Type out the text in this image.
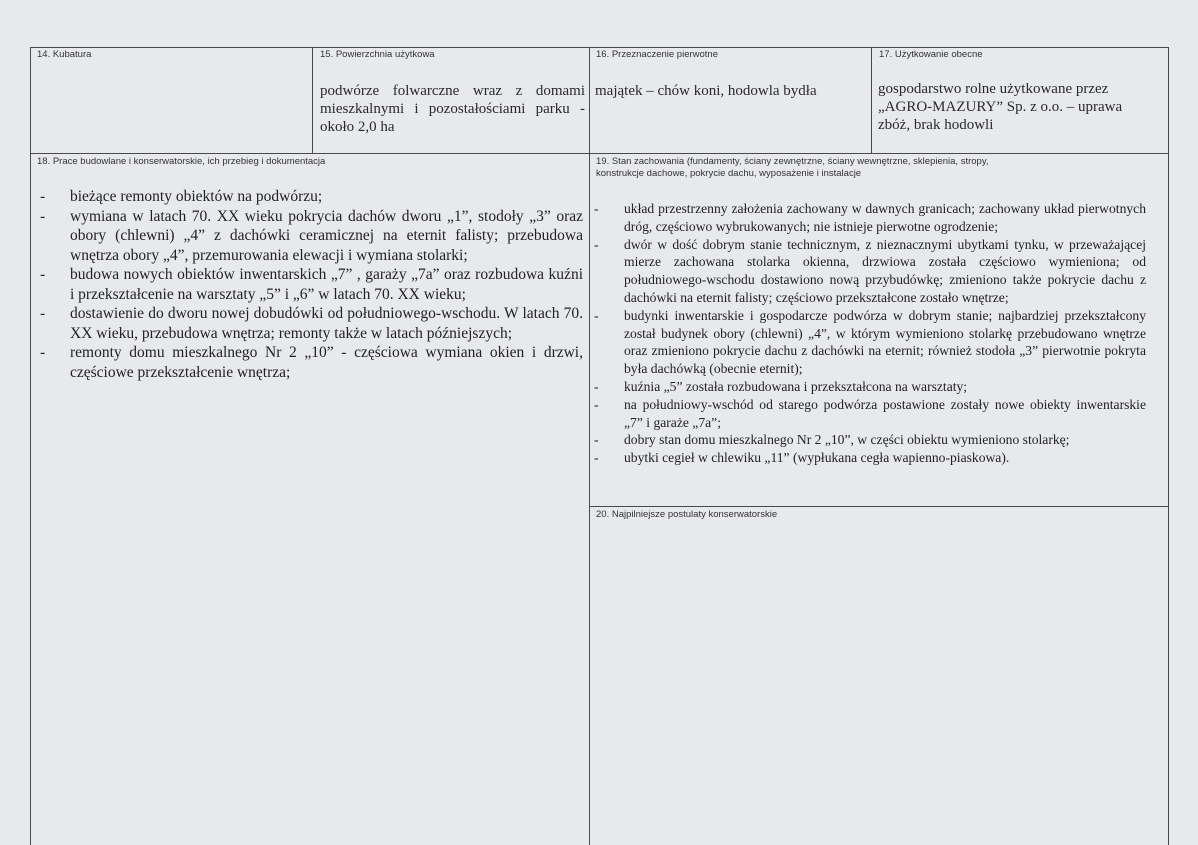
14. Kubatura	15. Powierzchnia użytkowa
podwórze folwarczne wraz z domami mieszkalnymi i pozostałościami parku - około 2,0 ha
16. Przeznaczenie pierwotne
majątek – chów koni, hodowla bydła
17. Użytkowanie obecne
gospodarstwo rolne użytkowane przez „AGRO-MAZURY” Sp. z o.o. – uprawa zbóż, brak hodowli
18. Prace budowlane i konserwatorskie, ich przebieg i dokumentacja
- bieżące remonty obiektów na podwórzu;
- wymiana w latach 70. XX wieku pokrycia dachów dworu „1”, stodoły „3” oraz obory (chlewni) „4” z dachówki ceramicznej na eternit falisty; przebudowa wnętrza obory „4”, przemurowania elewacji i wymiana stolarki;
- budowa nowych obiektów inwentarskich „7” , garaży „7a” oraz rozbudowa kuźni i przekształcenie na warsztaty „5” i „6” w latach 70. XX wieku;
- dostawienie do dworu nowej dobudówki od południowego-wschodu. W latach 70. XX wieku, przebudowa wnętrza; remonty także w latach późniejszych;
- remonty domu mieszkalnego Nr 2 „10” - częściowa wymiana okien i drzwi, częściowe przekształcenie wnętrza;
19. Stan zachowania (fundamenty, ściany zewnętrzne, ściany wewnętrzne, sklepienia, stropy,
konstrukcje dachowe, pokrycie dachu, wyposażenie i instalacje
- układ przestrzenny założenia zachowany w dawnych granicach; zachowany układ pierwotnych dróg, częściowo wybrukowanych; nie istnieje pierwotne ogrodzenie;
- dwór w dość dobrym stanie technicznym, z nieznacznymi ubytkami tynku, w przeważającej mierze zachowana stolarka okienna, drzwiowa została częściowo wymieniona; od południowego-wschodu dostawiono nową przybudówkę; zmieniono także pokrycie dachu z dachówki na eternit falisty; częściowo przekształcone zostało wnętrze;
- budynki inwentarskie i gospodarcze podwórza w dobrym stanie; najbardziej przekształcony został budynek obory (chlewni) „4”, w którym wymieniono stolarkę przebudowano wnętrze oraz zmieniono pokrycie dachu z dachówki na eternit; również stodoła „3” pierwotnie pokryta była dachówką (obecnie eternit);
- kuźnia „5” została rozbudowana i przekształcona na warsztaty;
- na południowy-wschód od starego podwórza postawione zostały nowe obiekty inwentarskie „7” i garaże „7a”;
- dobry stan domu mieszkalnego Nr 2 „10”, w części obiektu wymieniono stolarkę;
- ubytki cegieł w chlewiku „11” (wypłukana cegła wapienno-piaskowa).
20. Najpilniejsze postulaty konserwatorskie
